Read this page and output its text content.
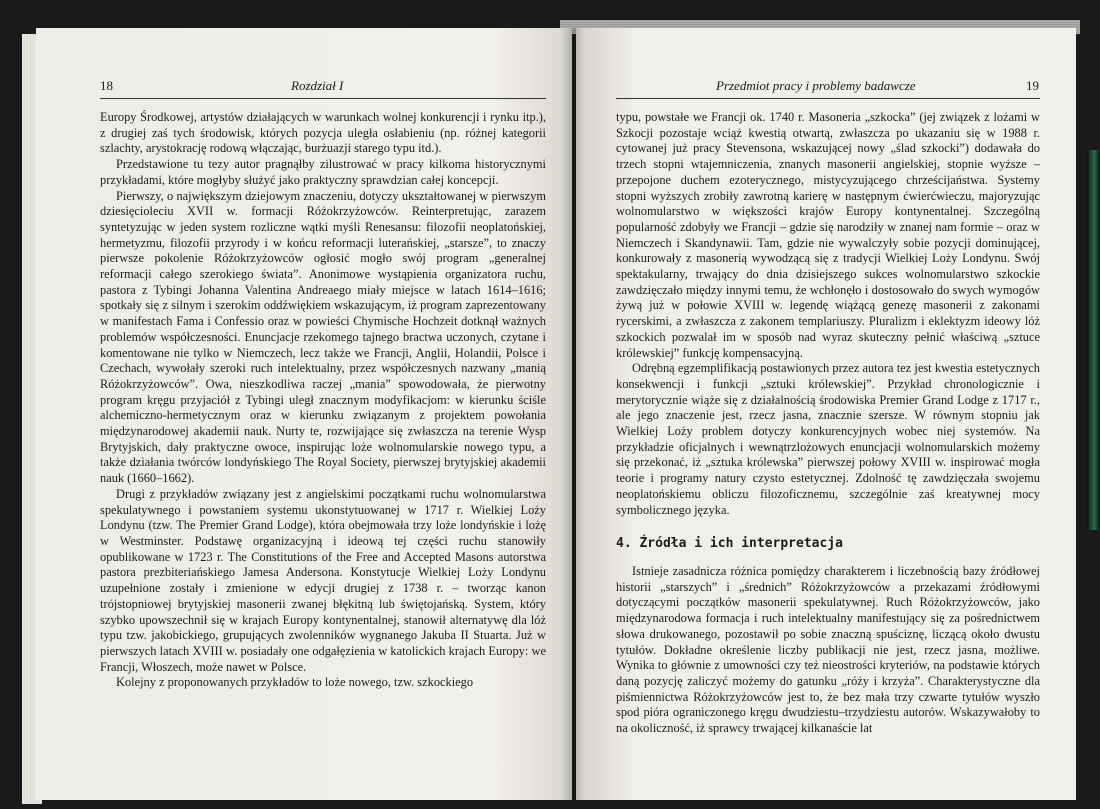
18	Rozdział I

Europy Środkowej, artystów działających w warunkach wolnej konkurencji i rynku itp.), z drugiej zaś tych środowisk, których pozycja uległa osłabieniu (np. różnej kategorii szlachty, arystokrację rodową włączając, burżuazji starego typu itd.).

Przedstawione tu tezy autor pragnąłby zilustrować w pracy kilkoma historycznymi przykładami, które mogłyby służyć jako praktyczny sprawdzian całej koncepcji.

Pierwszy, o największym dziejowym znaczeniu, dotyczy ukształtowanej w pierwszym dziesięcioleciu XVII w. formacji Różokrzyżowców. Reinterpretując, zarazem syntetyzując w jeden system rozliczne wątki myśli Renesansu: filozofii neoplatońskiej, hermetyzmu, filozofii przyrody i w końcu reformacji luterańskiej, „starsze”, to znaczy pierwsze pokolenie Różokrzyżowców ogłosić mogło swój program „generalnej reformacji całego szerokiego świata”. Anonimowe wystąpienia organizatora ruchu, pastora z Tybingi Johanna Valentina Andreaego miały miejsce w latach 1614–1616; spotkały się z silnym i szerokim oddźwiękiem wskazującym, iż program zaprezentowany w manifestach Fama i Confessio oraz w powieści Chymische Hochzeit dotknął ważnych problemów współczesności. Enuncjacje rzekomego tajnego bractwa uczonych, czytane i komentowane nie tylko w Niemczech, lecz także we Francji, Anglii, Holandii, Polsce i Czechach, wywołały szeroki ruch intelektualny, przez współczesnych nazwany „manią Różokrzyżowców”. Owa, nieszkodliwa raczej „mania” spowodowała, że pierwotny program kręgu przyjaciół z Tybingi uległ znacznym modyfikacjom: w kierunku ściśle alchemiczno-hermetycznym oraz w kierunku związanym z projektem powołania międzynarodowej akademii nauk. Nurty te, rozwijające się zwłaszcza na terenie Wysp Brytyjskich, dały praktyczne owoce, inspirując loże wolnomularskie nowego typu, a także działania twórców londyńskiego The Royal Society, pierwszej brytyjskiej akademii nauk (1660–1662).

Drugi z przykładów związany jest z angielskimi początkami ruchu wolnomularstwa spekulatywnego i powstaniem systemu ukonstytuowanej w 1717 r. Wielkiej Loży Londynu (tzw. The Premier Grand Lodge), która obejmowała trzy loże londyńskie i lożę w Westminster. Podstawę organizacyjną i ideową tej części ruchu stanowiły opublikowane w 1723 r. The Constitutions of the Free and Accepted Masons autorstwa pastora prezbiteriańskiego Jamesa Andersona. Konstytucje Wielkiej Loży Londynu uzupełnione zostały i zmienione w edycji drugiej z 1738 r. – tworząc kanon trójstopniowej brytyjskiej masonerii zwanej błękitną lub świętojańską. System, który szybko upowszechnił się w krajach Europy kontynentalnej, stanowił alternatywę dla lóż typu tzw. jakobickiego, grupujących zwolenników wygnanego Jakuba II Stuarta. Już w pierwszych latach XVIII w. posiadały one odgałęzienia w katolickich krajach Europy: we Francji, Włoszech, może nawet w Polsce.

Kolejny z proponowanych przykładów to loże nowego, tzw. szkockiego

Przedmiot pracy i problemy badawcze	19

typu, powstałe we Francji ok. 1740 r. Masoneria „szkocka” (jej związek z lożami w Szkocji pozostaje wciąż kwestią otwartą, zwłaszcza po ukazaniu się w 1988 r. cytowanej już pracy Stevensona, wskazującej nowy „ślad szkocki”) dodawała do trzech stopni wtajemniczenia, znanych masonerii angielskiej, stopnie wyższe – przepojone duchem ezoterycznego, mistycyzującego chrześcijaństwa. Systemy stopni wyższych zrobiły zawrotną karierę w następnym ćwierćwieczu, majoryzując wolnomularstwo w większości krajów Europy kontynentalnej. Szczególną popularność zdobyły we Francji – gdzie się narodziły w znanej nam formie – oraz w Niemczech i Skandynawii. Tam, gdzie nie wywalczyły sobie pozycji dominującej, konkurowały z masonerią wywodzącą się z tradycji Wielkiej Loży Londynu. Swój spektakularny, trwający do dnia dzisiejszego sukces wolnomularstwo szkockie zawdzięczało między innymi temu, że wchłonęło i dostosowało do swych wymogów żywą już w połowie XVIII w. legendę wiążącą genezę masonerii z zakonami rycerskimi, a zwłaszcza z zakonem templariuszy. Pluralizm i eklektyzm ideowy lóż szkockich pozwalał im w sposób nad wyraz skuteczny pełnić właściwą „sztuce królewskiej” funkcję kompensacyjną.

Odrębną egzemplifikacją postawionych przez autora tez jest kwestia estetycznych konsekwencji i funkcji „sztuki królewskiej”. Przykład chronologicznie i merytorycznie wiąże się z działalnością środowiska Premier Grand Lodge z 1717 r., ale jego znaczenie jest, rzecz jasna, znacznie szersze. W równym stopniu jak Wielkiej Loży problem dotyczy konkurencyjnych wobec niej systemów. Na przykładzie oficjalnych i wewnątrzlożowych enuncjacji wolnomularskich możemy się przekonać, iż „sztuka królewska” pierwszej połowy XVIII w. inspirować mogła teorie i programy natury czysto estetycznej. Zdolność tę zawdzięczała swojemu neoplatońskiemu obliczu filozoficznemu, szczególnie zaś kreatywnej mocy symbolicznego języka.

4. Źródła i ich interpretacja

Istnieje zasadnicza różnica pomiędzy charakterem i liczebnością bazy źródłowej historii „starszych” i „średnich” Różokrzyżowców a przekazami źródłowymi dotyczącymi początków masonerii spekulatywnej. Ruch Różokrzyżowców, jako międzynarodowa formacja i ruch intelektualny manifestujący się za pośrednictwem słowa drukowanego, pozostawił po sobie znaczną spuściznę, liczącą około dwustu tytułów. Dokładne określenie liczby publikacji nie jest, rzecz jasna, możliwe. Wynika to głównie z umowności czy też nieostrości kryteriów, na podstawie których daną pozycję zaliczyć możemy do gatunku „róży i krzyża”. Charakterystyczne dla piśmiennictwa Różokrzyżowców jest to, że bez mała trzy czwarte tytułów wyszło spod pióra ograniczonego kręgu dwudziestu–trzydziestu autorów. Wskazywałoby to na okoliczność, iż sprawcy trwającej kilkanaście lat
